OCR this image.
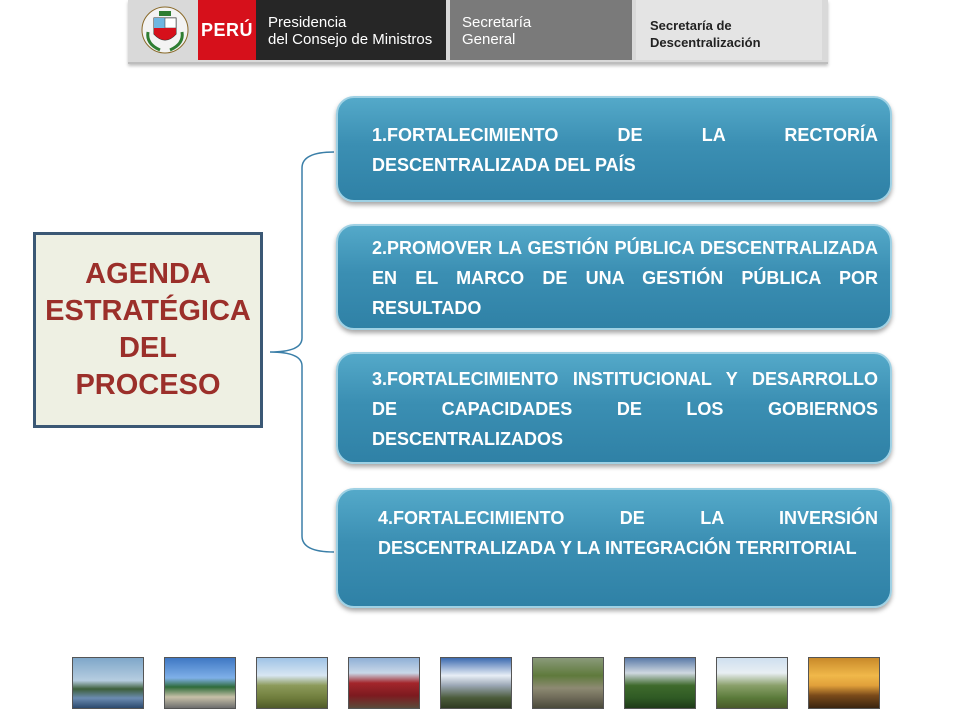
PERÚ Presidencia
del Consejo de Ministros
Secretaría
General
Secretaría de
Descentralización
AGENDA
ESTRATÉGICA
DEL
PROCESO
1.FORTALECIMIENTO DE LA RECTORÍA DESCENTRALIZADA DEL PAÍS
2.PROMOVER LA GESTIÓN PÚBLICA DESCENTRALIZADA EN EL MARCO DE UNA GESTIÓN PÚBLICA POR RESULTADO
3.FORTALECIMIENTO INSTITUCIONAL Y DESARROLLO DE CAPACIDADES DE LOS GOBIERNOS DESCENTRALIZADOS
4.FORTALECIMIENTO DE LA INVERSIÓN DESCENTRALIZADA Y LA INTEGRACIÓN TERRITORIAL
